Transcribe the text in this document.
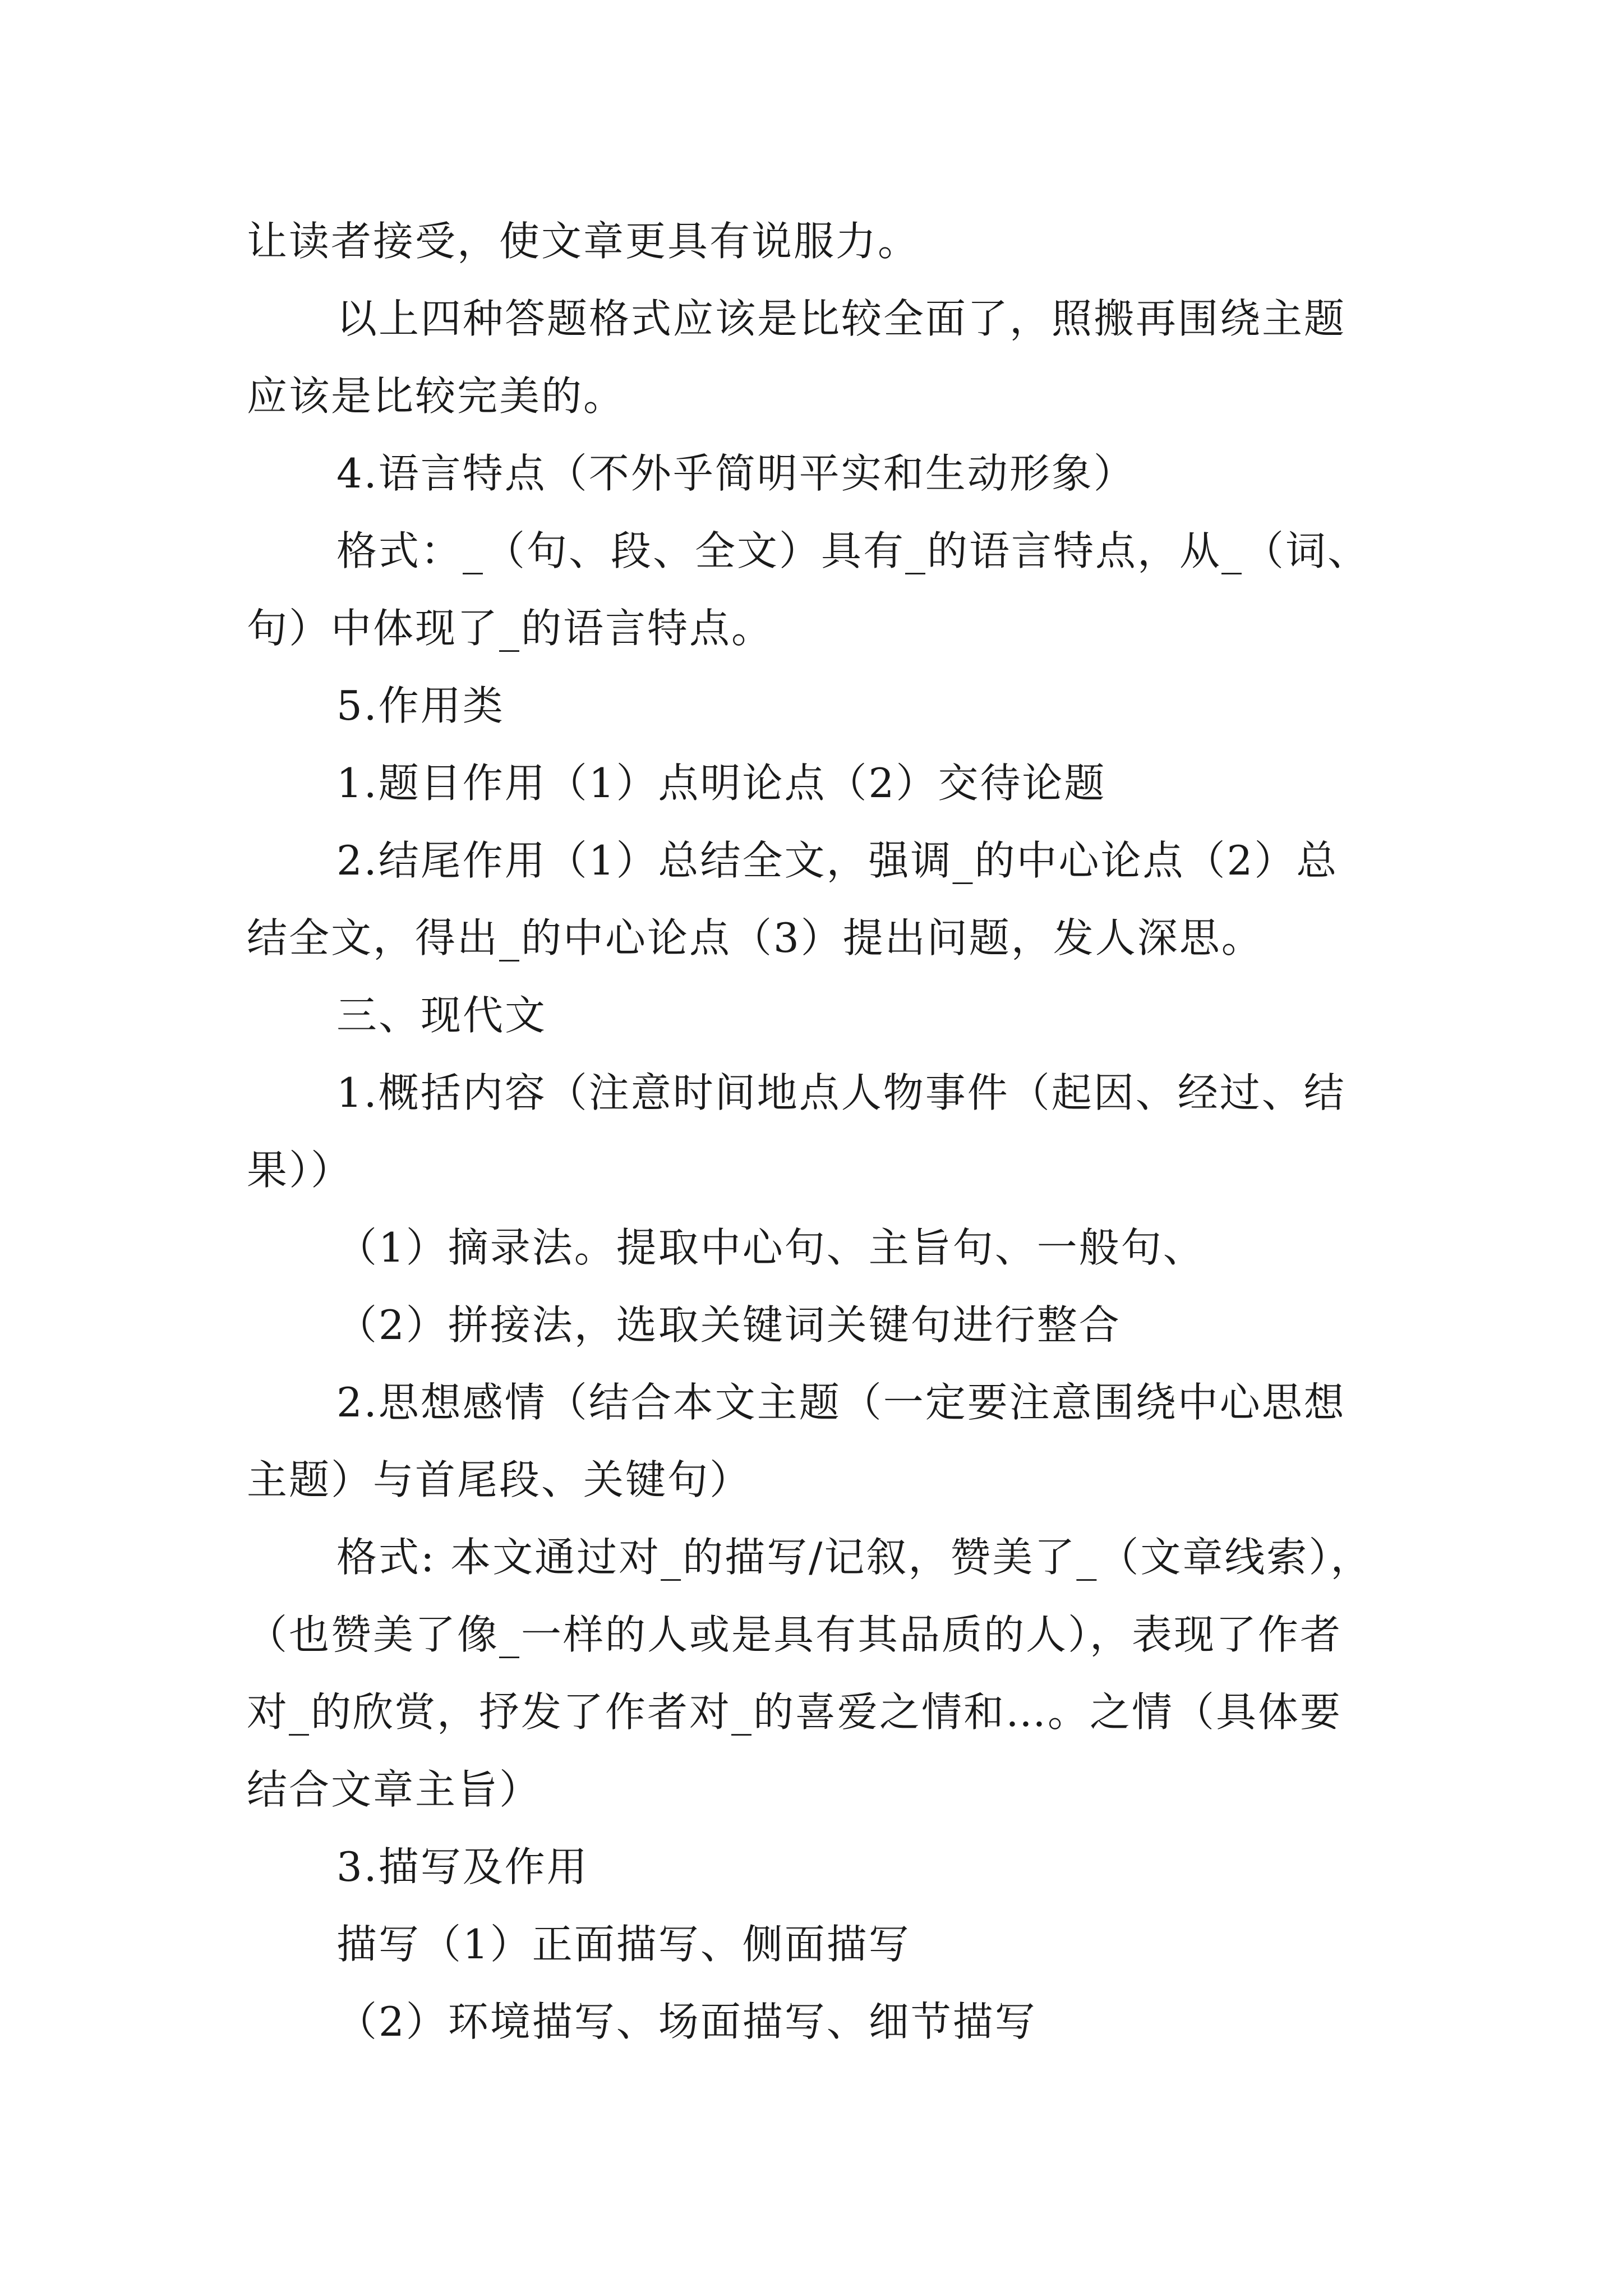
让读者接受，使文章更具有说服力。
以上四种答题格式应该是比较全面了，照搬再围绕主题
应该是比较完美的。
4.语言特点（不外乎简明平实和生动形象）
格式：_（句、段、全文）具有_的语言特点，从_（词、
句）中体现了_的语言特点。
5.作用类
1.题目作用（1）点明论点（2）交待论题
2.结尾作用（1）总结全文，强调_的中心论点（2）总
结全文，得出_的中心论点（3）提出问题，发人深思。
三、现代文
1.概括内容（注意时间地点人物事件（起因、经过、结
果））
（1）摘录法。提取中心句、主旨句、一般句、
（2）拼接法，选取关键词关键句进行整合
2.思想感情（结合本文主题（一定要注意围绕中心思想
主题）与首尾段、关键句）
格式: 本文通过对_的描写/记叙，赞美了_（文章线索），
（也赞美了像_一样的人或是具有其品质的人），表现了作者
对_的欣赏，抒发了作者对_的喜爱之情和…。之情（具体要
结合文章主旨）
3.描写及作用
描写（1）正面描写、侧面描写
（2）环境描写、场面描写、细节描写
